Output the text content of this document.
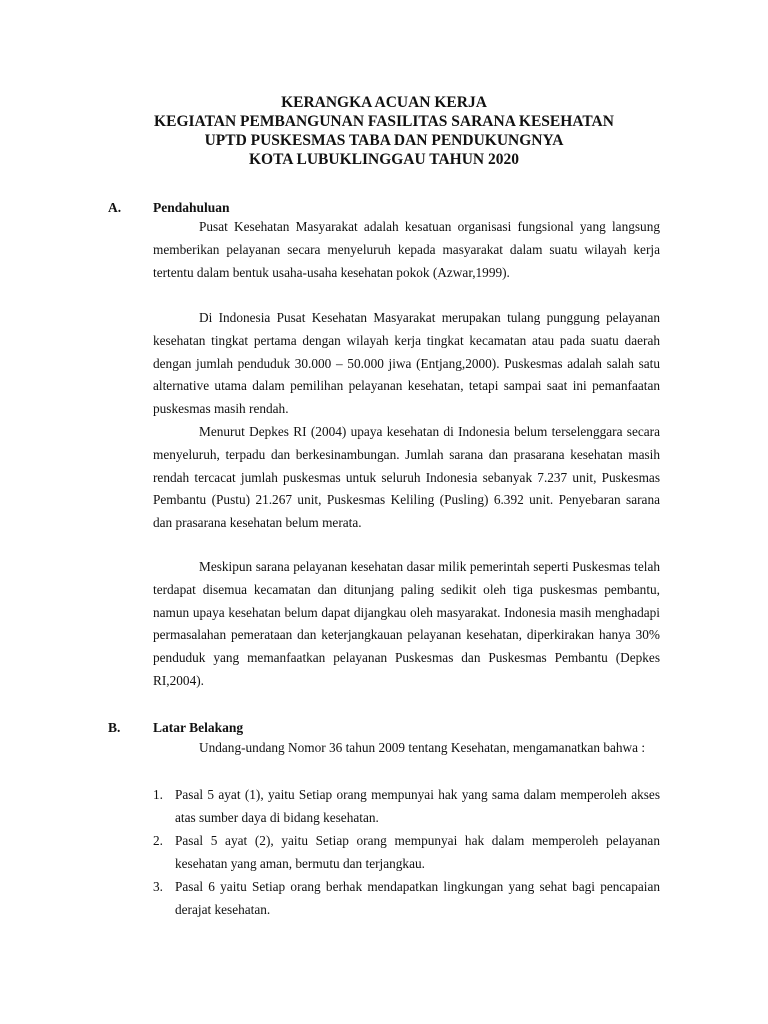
KERANGKA ACUAN KERJA
KEGIATAN PEMBANGUNAN FASILITAS SARANA KESEHATAN
UPTD PUSKESMAS TABA DAN PENDUKUNGNYA
KOTA LUBUKLINGGAU TAHUN 2020
A. Pendahuluan

Pusat Kesehatan Masyarakat adalah kesatuan organisasi fungsional yang langsung memberikan pelayanan secara menyeluruh kepada masyarakat dalam suatu wilayah kerja tertentu dalam bentuk usaha-usaha kesehatan pokok (Azwar,1999).

Di Indonesia Pusat Kesehatan Masyarakat merupakan tulang punggung pelayanan kesehatan tingkat pertama dengan wilayah kerja tingkat kecamatan atau pada suatu daerah dengan jumlah penduduk 30.000 – 50.000 jiwa (Entjang,2000). Puskesmas adalah salah satu alternative utama dalam pemilihan pelayanan kesehatan, tetapi sampai saat ini pemanfaatan puskesmas masih rendah.

Menurut Depkes RI (2004) upaya kesehatan di Indonesia belum terselenggara secara menyeluruh, terpadu dan berkesinambungan. Jumlah sarana dan prasarana kesehatan masih rendah tercacat jumlah puskesmas untuk seluruh Indonesia sebanyak 7.237 unit, Puskesmas Pembantu (Pustu) 21.267 unit, Puskesmas Keliling (Pusling) 6.392 unit. Penyebaran sarana dan prasarana kesehatan belum merata.

Meskipun sarana pelayanan kesehatan dasar milik pemerintah seperti Puskesmas telah terdapat disemua kecamatan dan ditunjang paling sedikit oleh tiga puskesmas pembantu, namun upaya kesehatan belum dapat dijangkau oleh masyarakat. Indonesia masih menghadapi permasalahan pemerataan dan keterjangkauan pelayanan kesehatan, diperkirakan hanya 30% penduduk yang memanfaatkan pelayanan Puskesmas dan Puskesmas Pembantu (Depkes RI,2004).

B. Latar Belakang

Undang-undang Nomor 36 tahun 2009 tentang Kesehatan, mengamanatkan bahwa :

1. Pasal 5 ayat (1), yaitu Setiap orang mempunyai hak yang sama dalam memperoleh akses atas sumber daya di bidang kesehatan.
2. Pasal 5 ayat (2), yaitu Setiap orang mempunyai hak dalam memperoleh pelayanan kesehatan yang aman, bermutu dan terjangkau.
3. Pasal 6 yaitu Setiap orang berhak mendapatkan lingkungan yang sehat bagi pencapaian derajat kesehatan.
